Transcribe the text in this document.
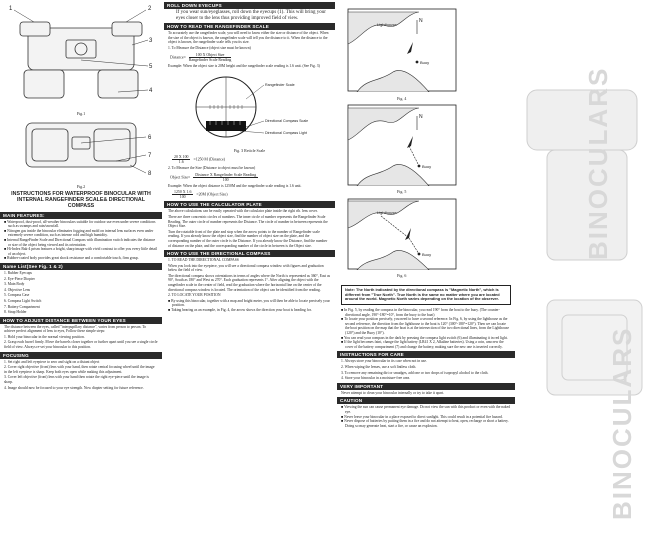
1	2
3
5
4
Fig.1
6
7
8
Fig.2
INSTRUCTIONS FOR WATERPROOF BINOCULAR WITH INTERNAL RANGEFINDER SCALE& DIRECTIONAL COMPASS
MAIN FEATURES:
■ Waterproof, dust-proof, all-weather binoculars suitable for outdoor use even under severe conditions such as swamps and rain/snowfall.
■ Nitrogen gas inside the binocular eliminates fogging and mold on internal lens surfaces even under extremely severe condition, such as intense cold and high humidity.
■ Internal RangeFinder Scale and Directional Compass with illumination switch indicates the distance or size of the object being viewed and its orientation.
■ Hi-Index Bak-4 prism features a bright, sharp image with vivid contrast to offer you every little detail of an object.
■ Rubber-coated body provides great shock resistance and a comfortable touch, firm grasp.
Name List(See Fig. 1 & 2)

1. Rubber Eyecups

2. Eye-Piece Diopter

3. Main Body

4. Objective Lens

5. Compass Case

6. Compass Light Switch

7. Battery Compartment

8. Strap Holder

HOW TO ADJUST DISTANCE BETWEEN YOUR EYES

The distance between the eyes, called "interpupillary distance", varies from person to person. To achieve perfect alignment of lens to eyes, Follow these simple steps:

1. Hold your binocular in the normal viewing position.

2. Grasp each barrel firmly. Move the barrels closer together or further apart until you see a single circle field of view. Always re-set your binocular to this position.

FOCUSING

1. Set right and left eyepiece to zero and sight on a distant object

2. Cover right objective (front) lens with your hand, then rotate central focusing wheel until the image in the left eyepiece is sharp. Keep both eyes open while making this adjustment.

3. Cover left objective (front) lens with your hand then rotate the right eye-piece until the image is sharp.

4. Image should now be focused to your eye strength. Now diopter setting for future reference.

ROLL DOWN EYECUPS
If you wear sun/eyeglasses, roll down the eyecups (1). This will bring your eyes closer to the lens thus providing improved field of view.
HOW TO READ THE RANGEFINDER SCALE
To accurately use the rangefinder scale, you will need to know either the size or distance of the object. When the size of the object is known, the rangefinder scale will tell you the distance to it. When the distance to the object is known, the rangefinder scale tells you its size.
1. To Measure the Distance (object size must be known)
Distance= $\frac{\text{100 X Object Size}}{\text{Rangefinder Scale Reading}}$
Example: When the object size is 20M height and the rangefinder scale reading is 1.6 unit. (See Fig. 3)
Rangefinder Scale
Directional Compass Scale
Directional Compass Light
Fig. 3 Reticle Scale
$\frac{20 X 100}{1.6} =1250$ M (Distance)
2. To Measure the Size (Distance to object must be known)
Object Size= $\frac{\text{Distance X Rangefinder Scale Reading}}{100}$
Example: When the object distance is 1250M and the rangefinder scale reading is 1.6 unit.
$\frac{1250 X 1.6}{100} =20M$ (Object Size)
HOW TO USE THE CALCULATOR PLATE

The above calculations can be easily operated with the calculator plate inside the right rib. lens cover.

There are three concentric circles of numbers. The inner circle of number represents the Rangefinder Scale Reading. The outer circle of number represents the Distance. The circle of number in between represents the Object Size.

Turn the rotatable front of the plate and stop when the arrow points to the number of Rangefinder scale reading. If you already know the object size, find the number of object size on the plate, and the corresponding number of the outer circle is the Distance. If you already know the Distance, find the number of distance on the plate, and the corresponding number of the circle in between is the Object size.

HOW TO USE THE DIRECTIONAL COMPASS

1. TO READ THE DIRECTIONAL COMPASS

When you look into the eyepiece, you will see a directional compass window with figures and graduation below the field of view.

The directional compass shows orientations in terms of angles where the North is represented as 360°, East as 90°, South as 180° and West as 270°. Each graduation represents 1°. After aligning the object with the rangefinder scale in the center of field, read the graduation where the horizontal line on the center of the directional compass window is located. The orientation of the object can be identified from the reading.

2. TO LOCATE YOUR POSITION

■ By using this binocular, together with a map and bright meter, you will then be able to locate precisely your position.
■ Taking bearing as an example, in Fig. 4, the arrow shows the direction your boat is heading for.
BINOCULARS
BINOCULARS
Lighthouse
N
Buoy
Fig. 4
N
Buoy
Fig. 5
Lighthouse
Buoy
Fig. 6
Note: The North indicated by the directional compass is "Magnetic North", which is different from "True North". True North is the same no matter where you are located around the world. Magnetic North varies depending on the location of the observer.
■ In Fig. 5, by reading the compass in the binocular, you read 190° from the boat to the buoy. (The counter-directional angle, 190°-180°=10°, from the buoy to the boat)
■ To locate your position precisely, you need to have a second reference. In Fig. 6, by using the lighthouse as the second reference, the direction from the lighthouse to the boat is 120° (300°-180°=120°). Then we can locate the boat position on the map that the boat is at the intersection of the two directional lines, from the Lighthouse (120°) and the Buoy (10°).
■ You can read your compass in the dark by pressing the compass light switch (6) and illuminating it in red light.
■ If the light becomes faint, change the light battery (LR41 X 2, Alkaline batteries). Using a coin, unscrew the cover of the battery compartment (7) and change the battery, making sure the new one is inserted correctly.
INSTRUCTIONS FOR CARE

1. Always store your binocular in its case when not in use.

2. When wiping the lenses, use a soft lintless cloth.

3. To remove any remaining dirt or smudges, add one or two drops of isopropyl alcohol to the cloth.

4. Store your binocular in a moisture-free area.

VERY IMPORTANT
Never attempt to clean your binocular internally or try to take it apart.
CAUTION
■ Viewing the sun can cause permanent eye damage. Do not view the sun with this product or even with the naked eye.
■ Never leave your binocular in a place exposed to direct sunlight. This could result in a potential fire hazard.
■ Never dispose of batteries by putting them in a fire and do not attempt to heat, open, recharge or short a battery. Doing so may generate heat, start a fire, or cause an explosion.
